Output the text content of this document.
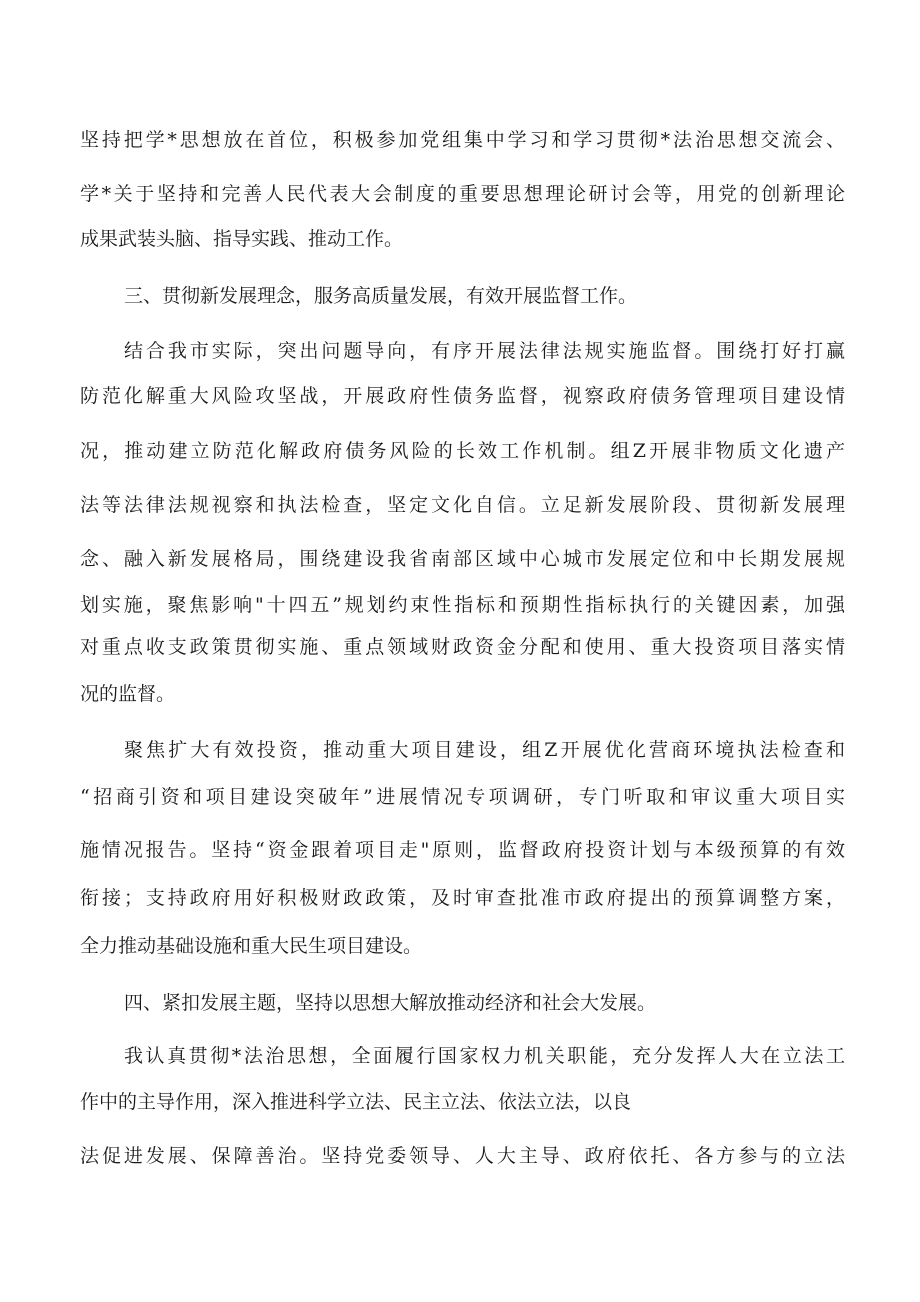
坚持把学*思想放在首位，积极参加党组集中学习和学习贯彻*法治思想交流会、

学*关于坚持和完善人民代表大会制度的重要思想理论研讨会等，用党的创新理论

成果武装头脑、指导实践、推动工作。

三、贯彻新发展理念，服务高质量发展，有效开展监督工作。

结合我市实际，突出问题导向，有序开展法律法规实施监督。围绕打好打赢

防范化解重大风险攻坚战，开展政府性债务监督，视察政府债务管理项目建设情

况，推动建立防范化解政府债务风险的长效工作机制。组Z开展非物质文化遗产

法等法律法规视察和执法检查，坚定文化自信。立足新发展阶段、贯彻新发展理

念、融入新发展格局，围绕建设我省南部区域中心城市发展定位和中长期发展规

划实施，聚焦影响"十四五”规划约束性指标和预期性指标执行的关键因素，加强

对重点收支政策贯彻实施、重点领域财政资金分配和使用、重大投资项目落实情

况的监督。

聚焦扩大有效投资，推动重大项目建设，组Z开展优化营商环境执法检查和

“招商引资和项目建设突破年”进展情况专项调研，专门听取和审议重大项目实

施情况报告。坚持“资金跟着项目走"原则，监督政府投资计划与本级预算的有效

衔接；支持政府用好积极财政政策，及时审查批准市政府提出的预算调整方案，

全力推动基础设施和重大民生项目建设。

四、紧扣发展主题，坚持以思想大解放推动经济和社会大发展。

我认真贯彻*法治思想，全面履行国家权力机关职能，充分发挥人大在立法工

作中的主导作用，深入推进科学立法、民主立法、依法立法，以良

法促进发展、保障善治。坚持党委领导、人大主导、政府依托、各方参与的立法
